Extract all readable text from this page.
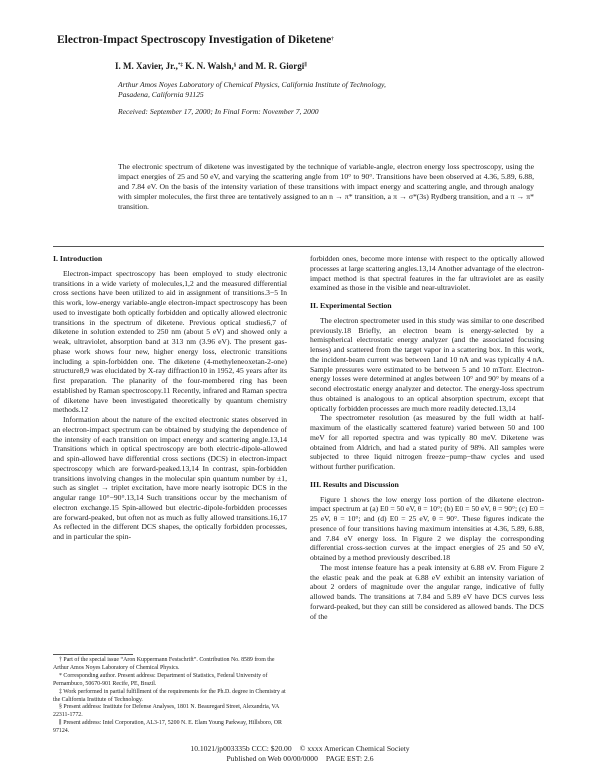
Electron-Impact Spectroscopy Investigation of Diketene†
I. M. Xavier, Jr.,*‡ K. N. Walsh,§ and M. R. Giorgi∥
Arthur Amos Noyes Laboratory of Chemical Physics, California Institute of Technology,
Pasadena, California 91125
Received: September 17, 2000; In Final Form: November 7, 2000
The electronic spectrum of diketene was investigated by the technique of variable-angle, electron energy loss spectroscopy, using the impact energies of 25 and 50 eV, and varying the scattering angle from 10° to 90°. Transitions have been observed at 4.36, 5.89, 6.88, and 7.84 eV. On the basis of the intensity variation of these transitions with impact energy and scattering angle, and through analogy with simpler molecules, the first three are tentatively assigned to an n → π* transition, a π → σ*(3s) Rydberg transition, and a π → π* transition.
I. Introduction

Electron-impact spectroscopy has been employed to study electronic transitions in a wide variety of molecules,1,2 and the measured differential cross sections have been utilized to aid in assignment of transitions.3−5 In this work, low-energy variable-angle electron-impact spectroscopy has been used to investigate both optically forbidden and optically allowed electronic transitions in the spectrum of diketene. Previous optical studies6,7 of diketene in solution extended to 250 nm (about 5 eV) and showed only a weak, ultraviolet, absorption band at 313 nm (3.96 eV). The present gas-phase work shows four new, higher energy loss, electronic transitions including a spin-forbidden one. The diketene (4-methyleneoxetan-2-one) structure8,9 was elucidated by X-ray diffraction10 in 1952, 45 years after its first preparation. The planarity of the four-membered ring has been established by Raman spectroscopy.11 Recently, infrared and Raman spectra of diketene have been investigated theoretically by quantum chemistry methods.12

Information about the nature of the excited electronic states observed in an electron-impact spectrum can be obtained by studying the dependence of the intensity of each transition on impact energy and scattering angle.13,14 Transitions which in optical spectroscopy are both electric-dipole-allowed and spin-allowed have differential cross sections (DCS) in electron-impact spectroscopy which are forward-peaked.13,14 In contrast, spin-forbidden transitions involving changes in the molecular spin quantum number by ±1, such as singlet → triplet excitation, have more nearly isotropic DCS in the angular range 10°−90°.13,14 Such transitions occur by the mechanism of electron exchange.15 Spin-allowed but electric-dipole-forbidden processes are forward-peaked, but often not as much as fully allowed transitions.16,17 As reflected in the different DCS shapes, the optically forbidden processes, and in particular the spin-

forbidden ones, become more intense with respect to the optically allowed processes at large scattering angles.13,14 Another advantage of the electron-impact method is that spectral features in the far ultraviolet are as easily examined as those in the visible and near-ultraviolet.

II. Experimental Section

The electron spectrometer used in this study was similar to one described previously.18 Briefly, an electron beam is energy-selected by a hemispherical electrostatic energy analyzer (and the associated focusing lenses) and scattered from the target vapor in a scattering box. In this work, the incident-beam current was between 1and 10 nA and was typically 4 nA. Sample pressures were estimated to be between 5 and 10 mTorr. Electron-energy losses were determined at angles between 10° and 90° by means of a second electrostatic energy analyzer and detector. The energy-loss spectrum thus obtained is analogous to an optical absorption spectrum, except that optically forbidden processes are much more readily detected.13,14

The spectrometer resolution (as measured by the full width at half-maximum of the elastically scattered feature) varied between 50 and 100 meV for all reported spectra and was typically 80 meV. Diketene was obtained from Aldrich, and had a stated purity of 98%. All samples were subjected to three liquid nitrogen freeze−pump−thaw cycles and used without further purification.

III. Results and Discussion

Figure 1 shows the low energy loss portion of the diketene electron-impact spectrum at (a) E0 = 50 eV, θ = 10°; (b) E0 = 50 eV, θ = 90°; (c) E0 = 25 eV, θ = 10°; and (d) E0 = 25 eV, θ = 90°. These figures indicate the presence of four transitions having maximum intensities at 4.36, 5.89, 6.88, and 7.84 eV energy loss. In Figure 2 we display the corresponding differential cross-section curves at the impact energies of 25 and 50 eV, obtained by a method previously described.18

The most intense feature has a peak intensity at 6.88 eV. From Figure 2 the elastic peak and the peak at 6.88 eV exhibit an intensity variation of about 2 orders of magnitude over the angular range, indicative of fully allowed bands. The transitions at 7.84 and 5.89 eV have DCS curves less forward-peaked, but they can still be considered as allowed bands. The DCS of the

† Part of the special issue “Aron Kuppermann Festschrift”. Contribution No. 8589 from the Arthur Amos Noyes Laboratory of Chemical Physics.
* Corresponding author. Present address: Department of Statistics, Federal University of Pernambuco, 50670-901 Recife, PE, Brazil.
‡ Work performed in partial fulfillment of the requirements for the Ph.D. degree in Chemistry at the California Institute of Technology.
§ Present address: Institute for Defense Analyses, 1801 N. Beauregard Street, Alexandria, VA 22311-1772.
∥ Present address: Intel Corporation, AL3-17, 5200 N. E. Elam Young Parkway, Hillsboro, OR 97124.
10.1021/jp003335b CCC: $20.00 © xxxx American Chemical Society
Published on Web 00/00/0000 PAGE EST: 2.6
